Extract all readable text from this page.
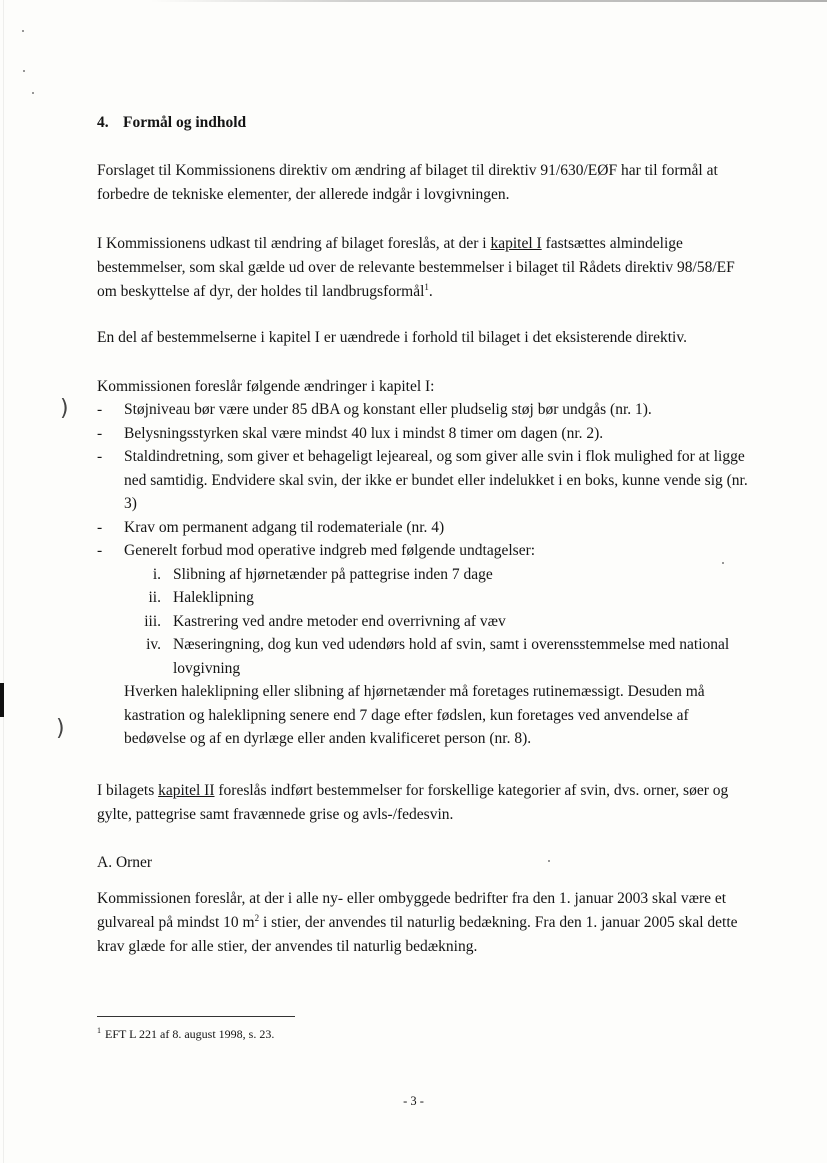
)
)
4. Formål og indhold
Forslaget til Kommissionens direktiv om ændring af bilaget til direktiv 91/630/EØF har til formål at forbedre de tekniske elementer, der allerede indgår i lovgivningen.
I Kommissionens udkast til ændring af bilaget foreslås, at der i kapitel I fastsættes almindelige bestemmelser, som skal gælde ud over de relevante bestemmelser i bilaget til Rådets direktiv 98/58/EF om beskyttelse af dyr, der holdes til landbrugsformål$^1$.
En del af bestemmelserne i kapitel I er uændrede i forhold til bilaget i det eksisterende direktiv.
Kommissionen foreslår følgende ændringer i kapitel I:
- Støjniveau bør være under 85 dBA og konstant eller pludselig støj bør undgås (nr. 1).
- Belysningsstyrken skal være mindst 40 lux i mindst 8 timer om dagen (nr. 2).
- Staldindretning, som giver et behageligt lejeareal, og som giver alle svin i flok mulighed for at ligge ned samtidig. Endvidere skal svin, der ikke er bundet eller indelukket i en boks, kunne vende sig (nr. 3)
- Krav om permanent adgang til rodemateriale (nr. 4)
- Generelt forbud mod operative indgreb med følgende undtagelser:
i. Slibning af hjørnetænder på pattegrise inden 7 dage
ii. Haleklipning
iii. Kastrering ved andre metoder end overrivning af væv
iv. Næseringning, dog kun ved udendørs hold af svin, samt i overensstemmelse med national lovgivning
Hverken haleklipning eller slibning af hjørnetænder må foretages rutinemæssigt. Desuden må kastration og haleklipning senere end 7 dage efter fødslen, kun foretages ved anvendelse af bedøvelse og af en dyrlæge eller anden kvalificeret person (nr. 8).
I bilagets kapitel II foreslås indført bestemmelser for forskellige kategorier af svin, dvs. orner, søer og gylte, pattegrise samt fravænnede grise og avls-/fedesvin.
A. Orner
Kommissionen foreslår, at der i alle ny- eller ombyggede bedrifter fra den 1. januar 2003 skal være et gulvareal på mindst 10 $m^2$ i stier, der anvendes til naturlig bedækning. Fra den 1. januar 2005 skal dette krav glæde for alle stier, der anvendes til naturlig bedækning.
$^1$ EFT L 221 af 8. august 1998, s. 23.
- 3 -
